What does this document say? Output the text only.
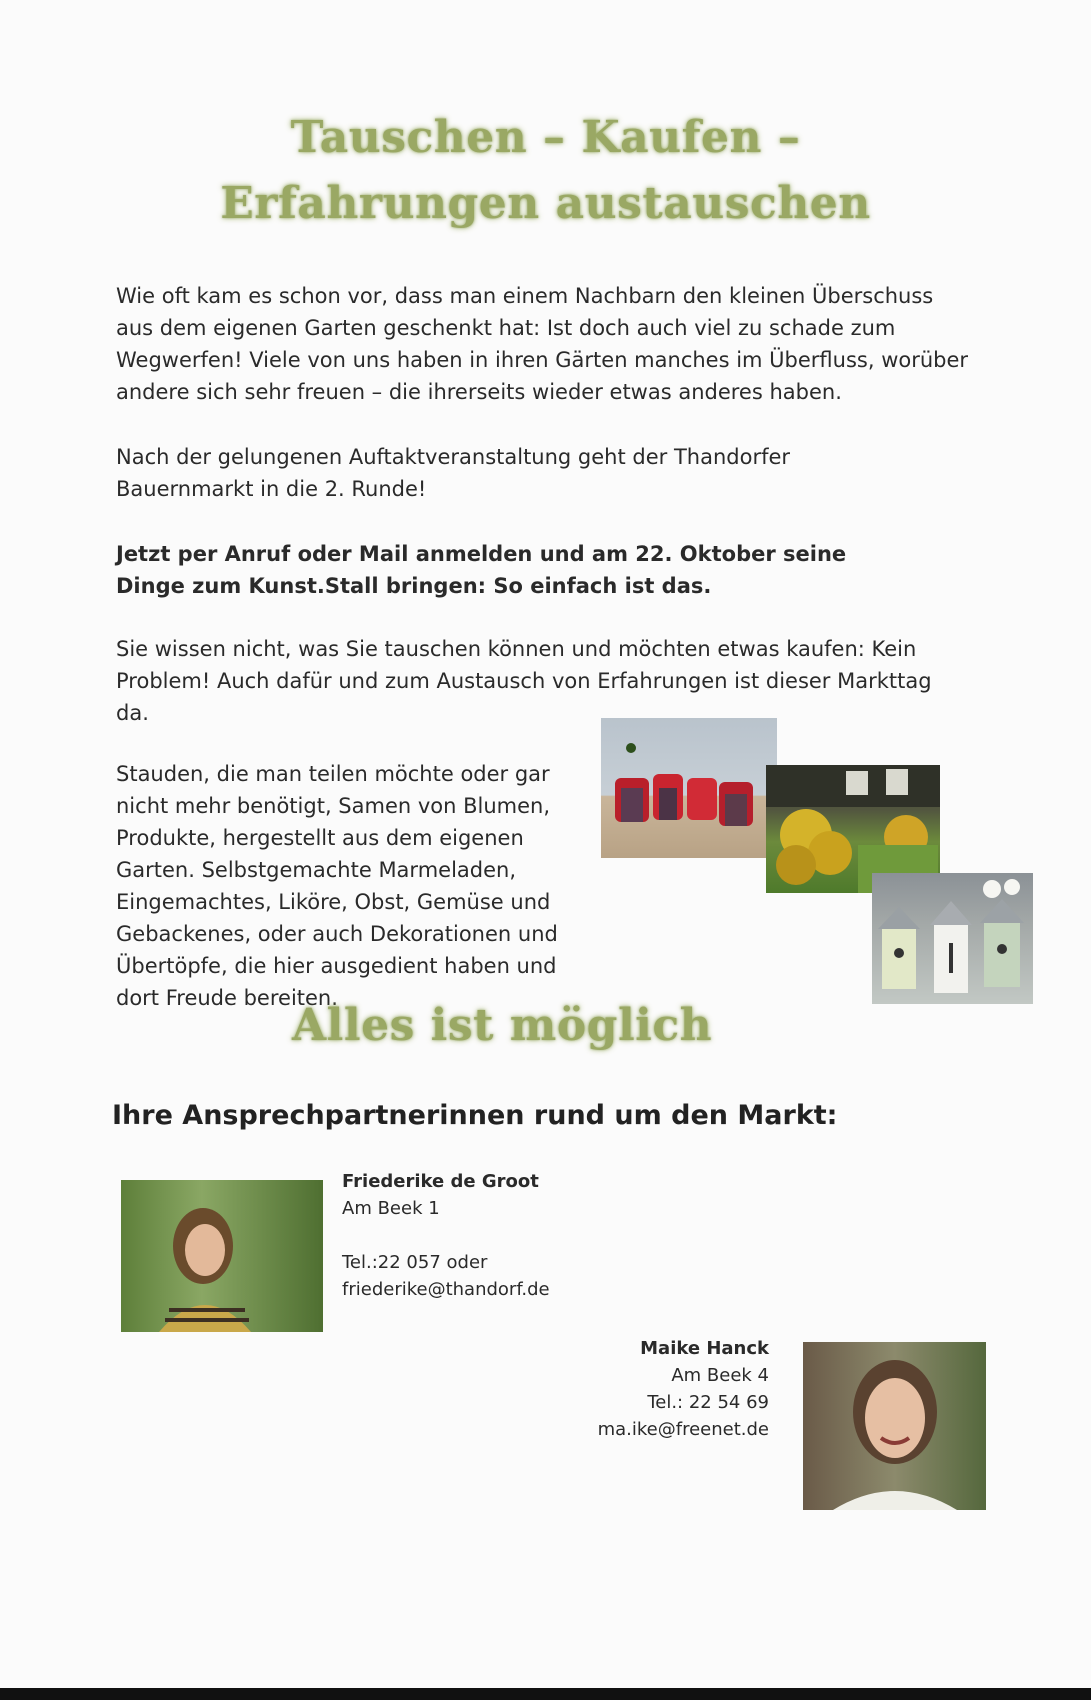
Tauschen – Kaufen –
Erfahrungen austauschen
Wie oft kam es schon vor, dass man einem Nachbarn den kleinen Überschuss aus dem eigenen Garten geschenkt hat: Ist doch auch viel zu schade zum Wegwerfen! Viele von uns haben in ihren Gärten manches im Überfluss, worüber andere sich sehr freuen – die ihrerseits wieder etwas anderes haben.
Nach der gelungenen Auftaktveranstaltung geht der Thandorfer Bauernmarkt in die 2. Runde!
Jetzt per Anruf oder Mail anmelden und am 22. Oktober seine Dinge zum Kunst.Stall bringen: So einfach ist das.
Sie wissen nicht, was Sie tauschen können und möchten etwas kaufen: Kein Problem! Auch dafür und zum Austausch von Erfahrungen ist dieser Markttag da.
Stauden, die man teilen möchte oder gar nicht mehr benötigt, Samen von Blumen, Produkte, hergestellt aus dem eigenen Garten. Selbstgemachte Marmeladen, Eingemachtes, Liköre, Obst, Gemüse und Gebackenes, oder auch Dekorationen und Übertöpfe, die hier ausgedient haben und dort Freude bereiten.
Alles ist möglich
Ihre Ansprechpartnerinnen rund um den Markt:
Friederike de Groot
Am Beek 1
Tel.:22 057 oder
friederike@thandorf.de
Maike Hanck
Am Beek 4
Tel.: 22 54 69
ma.ike@freenet.de
